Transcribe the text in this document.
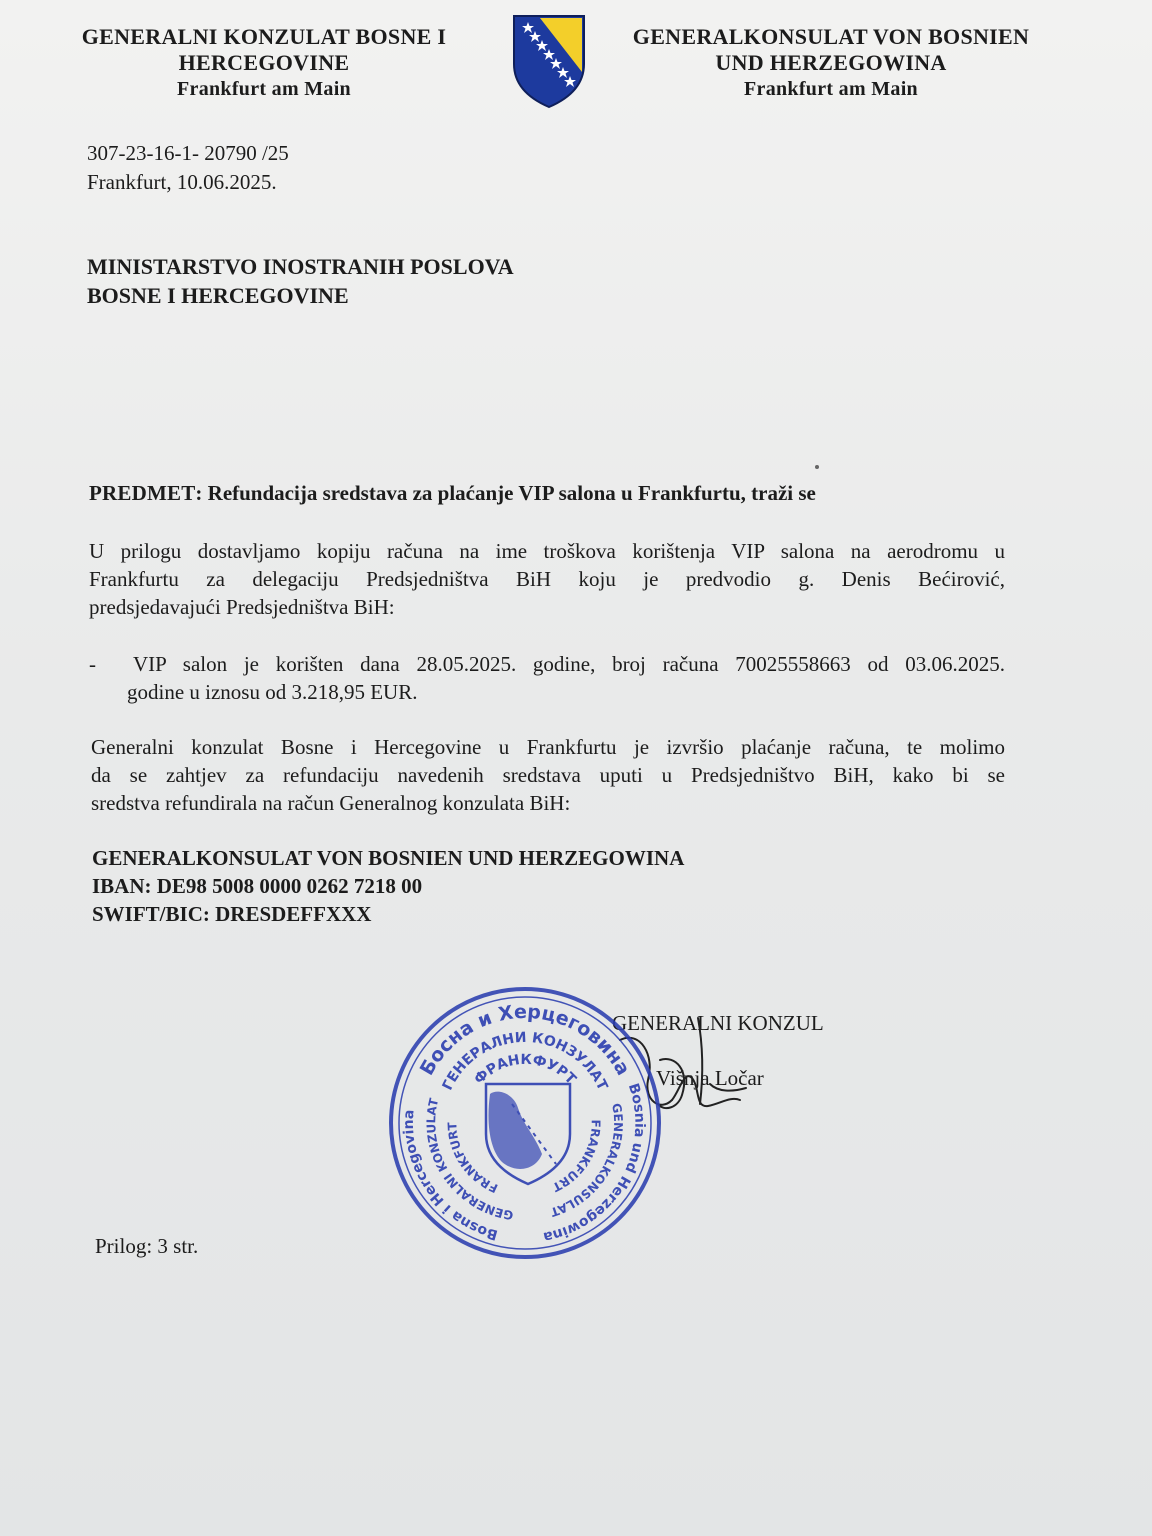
GENERALNI KONZULAT BOSNE I
HERCEGOVINE
Frankfurt am Main
GENERALKONSULAT VON BOSNIEN
UND HERZEGOWINA
Frankfurt am Main
307-23-16-1- 20790 /25
Frankfurt, 10.06.2025.
MINISTARSTVO INOSTRANIH POSLOVA
BOSNE I HERCEGOVINE
PREDMET: Refundacija sredstava za plaćanje VIP salona u Frankfurtu, traži se
U prilogu dostavljamo kopiju računa na ime troškova korištenja VIP salona na aerodromu u
Frankfurtu za delegaciju Predsjedništva BiH koju je predvodio g. Denis Bećirović,
predsjedavajući Predsjedništva BiH:
-	VIP salon je korišten dana 28.05.2025. godine, broj računa 70025558663 od 03.06.2025.
godine u iznosu od 3.218,95 EUR.
Generalni konzulat Bosne i Hercegovine u Frankfurtu je izvršio plaćanje računa, te molimo
da se zahtjev za refundaciju navedenih sredstava uputi u Predsjedništvo BiH, kako bi se
sredstva refundirala na račun Generalnog konzulata BiH:
GENERALKONSULAT VON BOSNIEN UND HERZEGOWINA
IBAN: DE98 5008 0000 0262 7218 00
SWIFT/BIC: DRESDEFFXXX
GENERALNI KONZUL
Višnja Ločar
Босна и Херцеговина
ГЕНЕРАЛНИ КОНЗУЛАТ
ФРАНКФУРТ
Bosna i Hercegovina
GENERALNI KONZULAT
FRANKFURT
Bosnia und Herzegowina
GENERALKONSULAT
FRANKFURT
Prilog: 3 str.
